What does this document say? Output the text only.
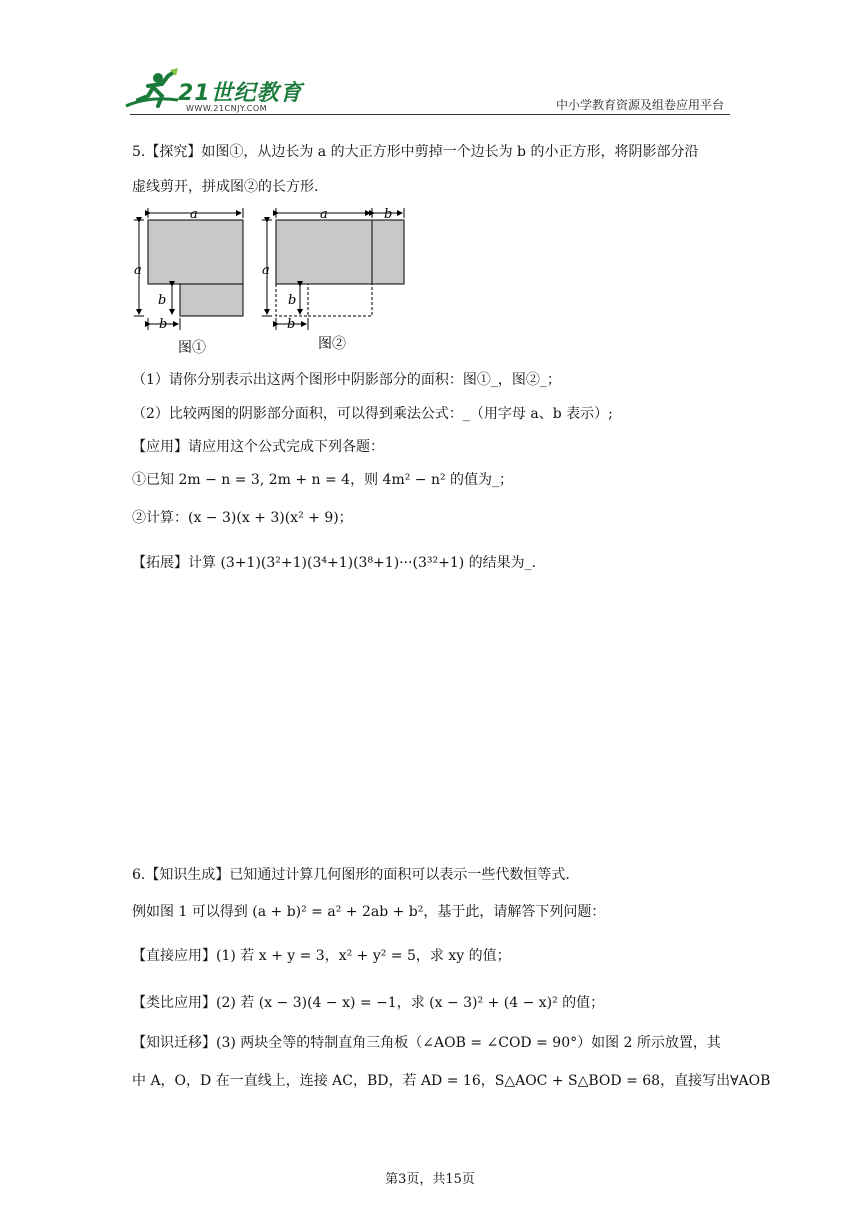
21世纪教育
WWW.21CNJY.COM	中小学教育资源及组卷应用平台
5.【探究】如图①，从边长为 a 的大正方形中剪掉一个边长为 b 的小正方形，将阴影部分沿
虚线剪开，拼成图②的长方形.
a
a
b
b
图①
a	b
a
b
b
图②
（1）请你分别表示出这两个图形中阴影部分的面积：图①_，图②_；
（2）比较两图的阴影部分面积，可以得到乘法公式：_（用字母 a、b 表示）;
【应用】请应用这个公式完成下列各题：
①已知 2m − n = 3, 2m + n = 4，则 4m² − n² 的值为_；
②计算：(x − 3)(x + 3)(x² + 9)；
【拓展】计算 (3+1)(3²+1)(3⁴+1)(3⁸+1)···(3³²+1) 的结果为_.
6.【知识生成】已知通过计算几何图形的面积可以表示一些代数恒等式.
例如图 1 可以得到 (a + b)² = a² + 2ab + b²，基于此，请解答下列问题：
【直接应用】(1) 若 x + y = 3，x² + y² = 5，求 xy 的值；
【类比应用】(2) 若 (x − 3)(4 − x) = −1，求 (x − 3)² + (4 − x)² 的值；
【知识迁移】(3) 两块全等的特制直角三角板（∠AOB = ∠COD = 90°）如图 2 所示放置，其
中 A，O，D 在一直线上，连接 AC，BD，若 AD = 16，S△AOC + S△BOD = 68，直接写出∀AOB
第3页，共15页
